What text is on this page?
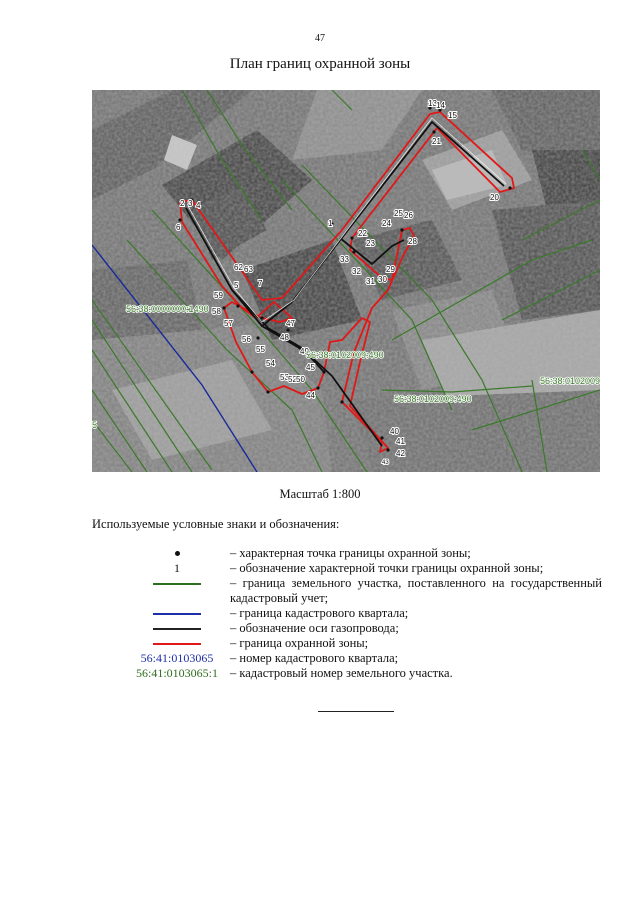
47
План границ охранной зоны
2 3 4
6	1
13 14
15
21
20
22
23
24
25 26
28
29
30
31
32
33
62 63
7
59
58
57
56
55
54
53 52 50
47
48
49
45
44
40
41
42
43
5
56:38:0000000:1490
56:38:0102009:490
56:38:0102009:490
56:38:0102009
5
Масштаб 1:800
Используемые условные знаки и обозначения:
– характерная точка границы охранной зоны;
1	– обозначение характерной точки границы охранной зоны;
– граница земельного участка, поставленного на государственный кадастровый учет;
– граница кадастрового квартала;
– обозначение оси газопровода;
– граница охранной зоны;
56:41:0103065	– номер кадастрового квартала;
56:41:0103065:1 – кадастровый номер земельного участка.
